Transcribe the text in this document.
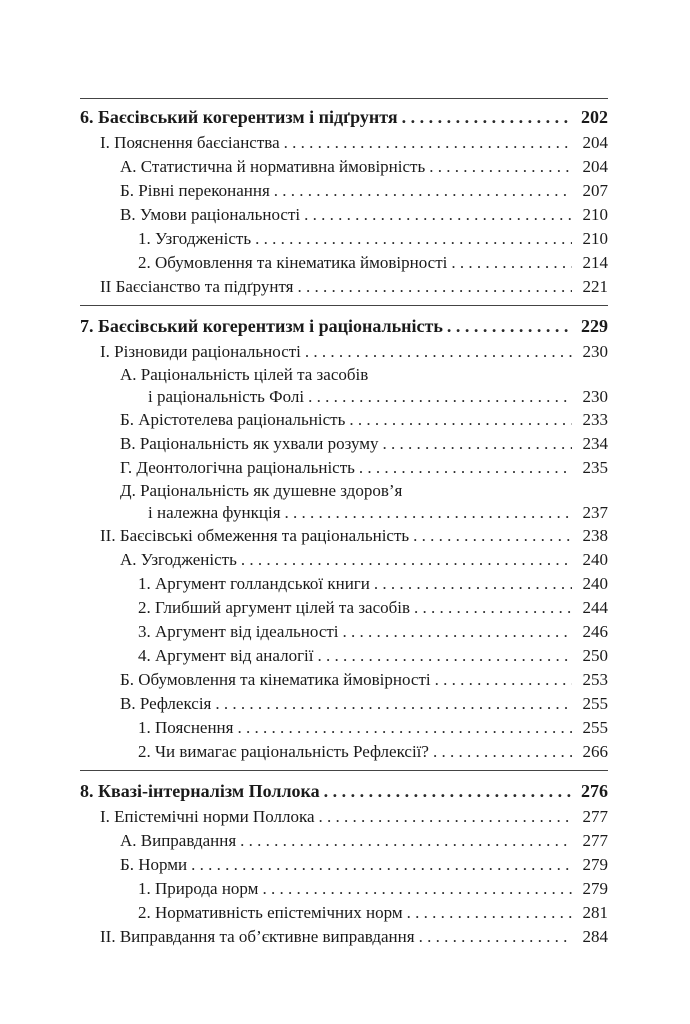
6. Баєсівський когерентизм і підґрунтя . . .	202
I. Пояснення баєсіанства . . .	204
А. Статистична й нормативна ймовірність . . .	204
Б. Рівні переконання . . .	207
В. Умови раціональності . . .	210
1. Узгодженість . . .	210
2. Обумовлення та кінематика ймовірності . . .	214
II Баєсіанство та підґрунтя . . .	221
7. Баєсівський когерентизм і раціональність . . .	229
I. Різновиди раціональності . . .	230
А. Раціональність цілей та засобів
і раціональність Фолі . . .	230
Б. Арістотелева раціональність . . .	233
В. Раціональність як ухвали розуму . . .	234
Г. Деонтологічна раціональність . . .	235
Д. Раціональність як душевне здоров’я
і належна функція . . .	237
II. Баєсівські обмеження та раціональність . . .	238
А. Узгодженість . . .	240
1. Аргумент голландської книги . . .	240
2. Глибший аргумент цілей та засобів . . .	244
3. Аргумент від ідеальності . . .	246
4. Аргумент від аналогії . . .	250
Б. Обумовлення та кінематика ймовірності . . .	253
В. Рефлексія . . .	255
1. Пояснення . . .	255
2. Чи вимагає раціональність Рефлексії? . . .	266
8. Квазі-інтерналізм Поллока . . .	276
I. Епістемічні норми Поллока . . .	277
А. Виправдання . . .	277
Б. Норми . . .	279
1. Природа норм . . .	279
2. Нормативність епістемічних норм . . .	281
II. Виправдання та об’єктивне виправдання . . .	284
